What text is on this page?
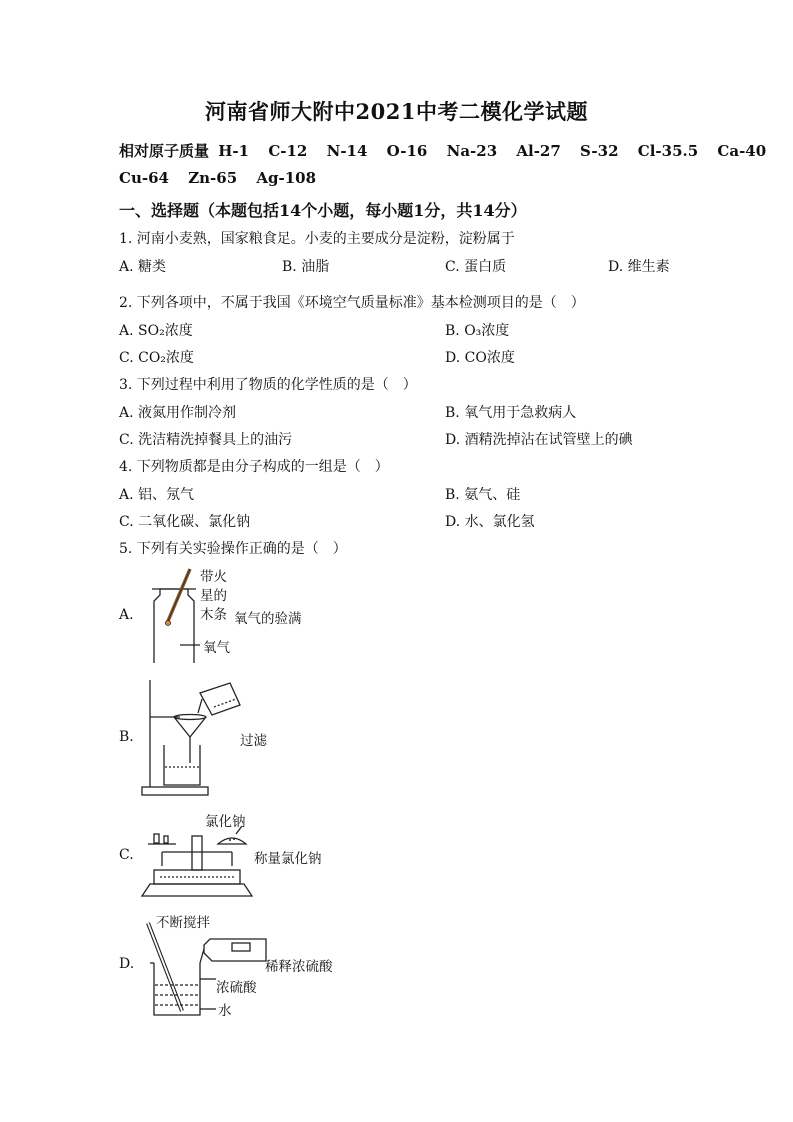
河南省师大附中2021中考二模化学试题
相对原子质量 H-1 C-12 N-14 O-16 Na-23 Al-27 S-32 Cl-35.5 Ca-40
Cu-64 Zn-65 Ag-108
一、选择题（本题包括14个小题，每小题1分，共14分）
1. 河南小麦熟，国家粮食足。小麦的主要成分是淀粉，淀粉属于
A. 糖类	B. 油脂	C. 蛋白质	D. 维生素
2. 下列各项中，不属于我国《环境空气质量标准》基本检测项目的是（　）
A. SO₂浓度	B. O₃浓度
C. CO₂浓度	D. CO浓度
3. 下列过程中利用了物质的化学性质的是（　）
A. 液氮用作制冷剂	B. 氧气用于急救病人
C. 洗洁精洗掉餐具上的油污	D. 酒精洗掉沾在试管壁上的碘
4. 下列物质都是由分子构成的一组是（　）
A. 铝、氖气	B. 氨气、硅
C. 二氧化碳、氯化钠	D. 水、氯化氢
5. 下列有关实验操作正确的是（　）
A.
带火
星的
木条 氧气的验满
氧气
B.	过滤
C.
氯化钠
称量氯化钠
D.
不断搅拌
稀释浓硫酸
浓硫酸
水
